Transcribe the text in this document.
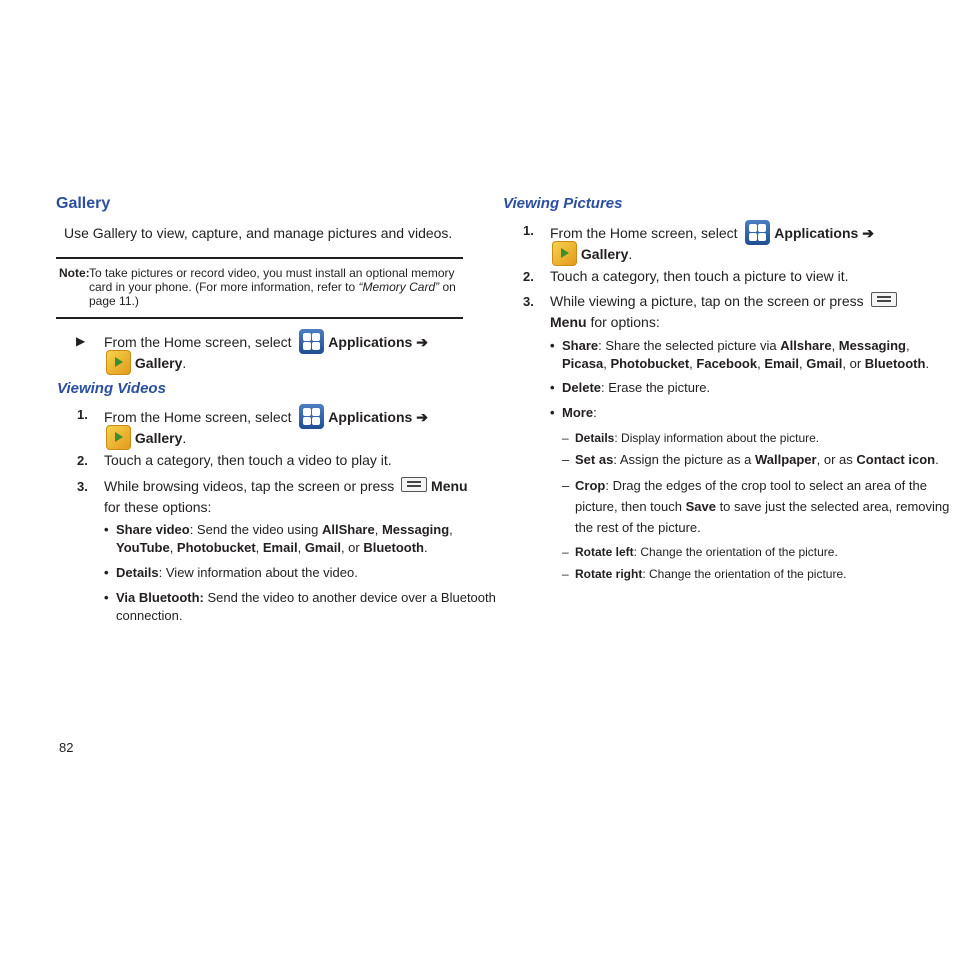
Gallery
Use Gallery to view, capture, and manage pictures and videos.
Note: To take pictures or record video, you must install an optional memory
card in your phone. (For more information, refer to “Memory Card” on
page 11.)
▶ From the Home screen, select	Applications ➔
Gallery.
Viewing Videos
1. From the Home screen, select	Applications ➔
Gallery.
2. Touch a category, then touch a video to play it.
3. While browsing videos, tap the screen or press	Menu
for these options:
• Share video: Send the video using AllShare, Messaging,
YouTube, Photobucket, Email, Gmail, or Bluetooth.
• Details: View information about the video.
• Via Bluetooth: Send the video to another device over a Bluetooth
connection.
Viewing Pictures
1. From the Home screen, select	Applications ➔
Gallery.
2. Touch a category, then touch a picture to view it.
3. While viewing a picture, tap on the screen or press
Menu for options:
• Share: Share the selected picture via Allshare, Messaging,
Picasa, Photobucket, Facebook, Email, Gmail, or Bluetooth.
• Delete: Erase the picture.
• More:
– Details: Display information about the picture.
– Set as: Assign the picture as a Wallpaper, or as Contact icon.
– Crop: Drag the edges of the crop tool to select an area of the
picture, then touch Save to save just the selected area, removing
the rest of the picture.
– Rotate left: Change the orientation of the picture.
– Rotate right: Change the orientation of the picture.
82
